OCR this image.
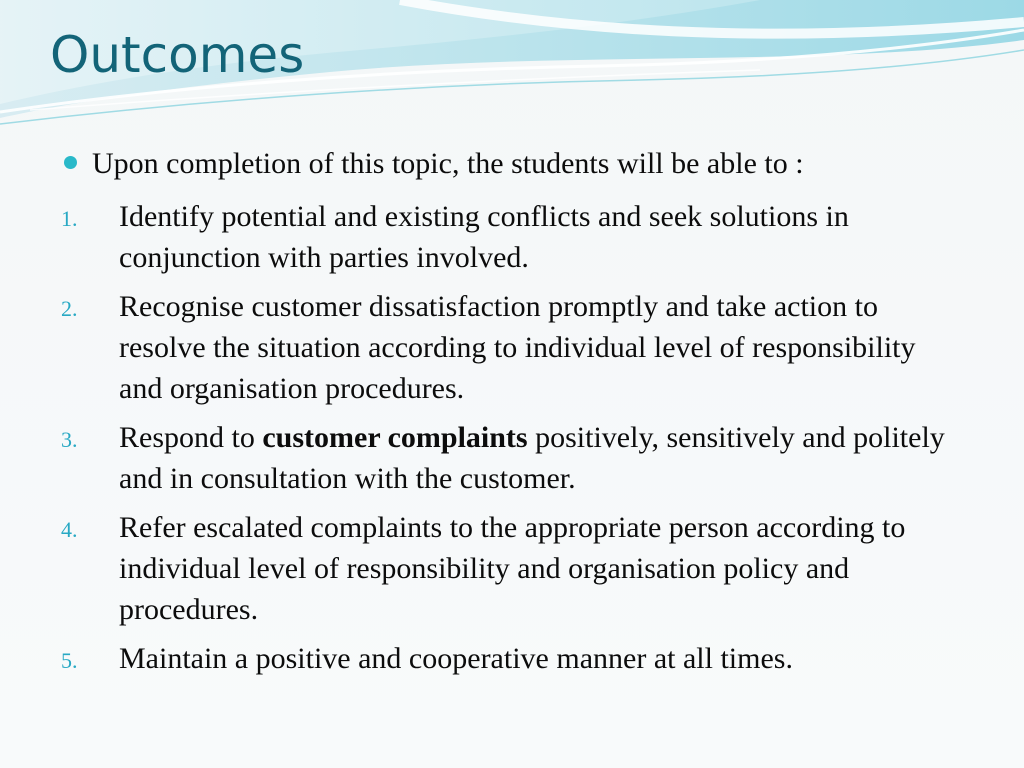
Outcomes
Upon completion of this topic, the students will be able to :
1. Identify potential and existing conflicts and seek solutions in conjunction with parties involved.
2. Recognise customer dissatisfaction promptly and take action to resolve the situation according to individual level of responsibility and organisation procedures.
3. Respond to customer complaints positively, sensitively and politely and in consultation with the customer.
4. Refer escalated complaints to the appropriate person according to individual level of responsibility and organisation policy and procedures.
5. Maintain a positive and cooperative manner at all times.
